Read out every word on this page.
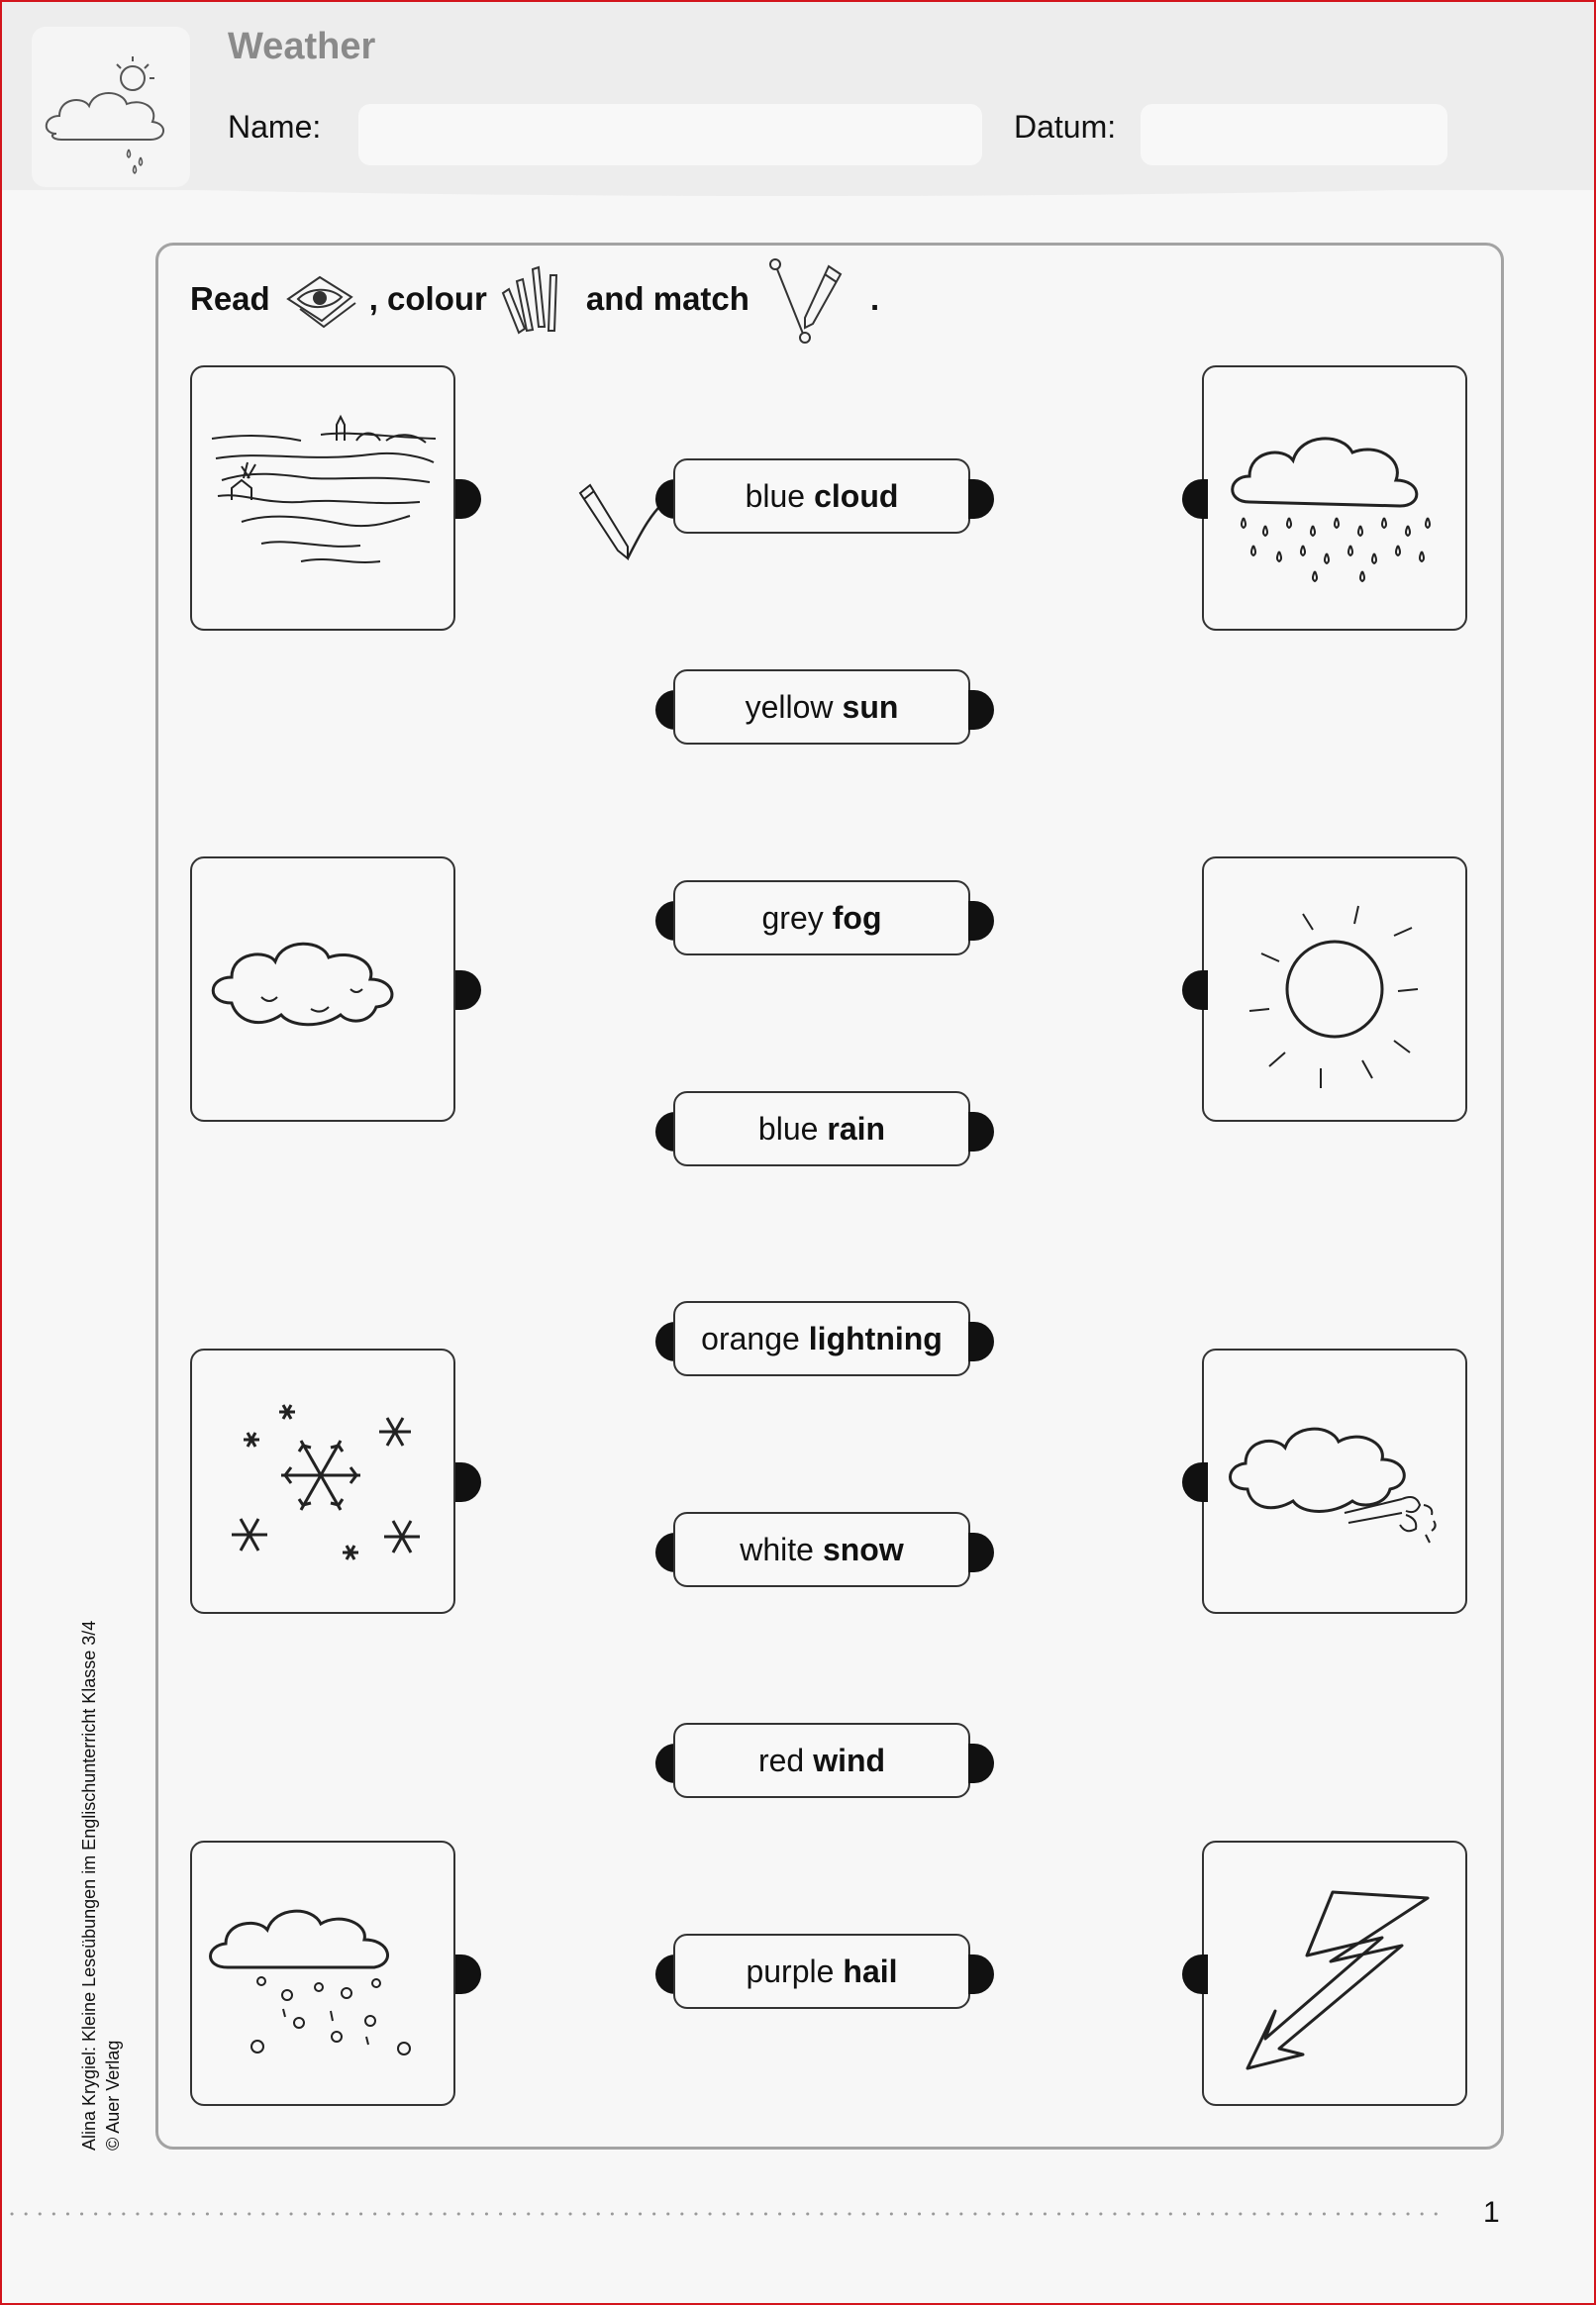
Weather
Name:	Datum:
Read	, colour	and match	.
blue cloud
yellow sun
grey fog
blue rain
orange lightning
white snow
red wind
purple hail
Alina Krygiel: Kleine Leseübungen im Englischunterricht Klasse 3/4 © Auer Verlag
1
